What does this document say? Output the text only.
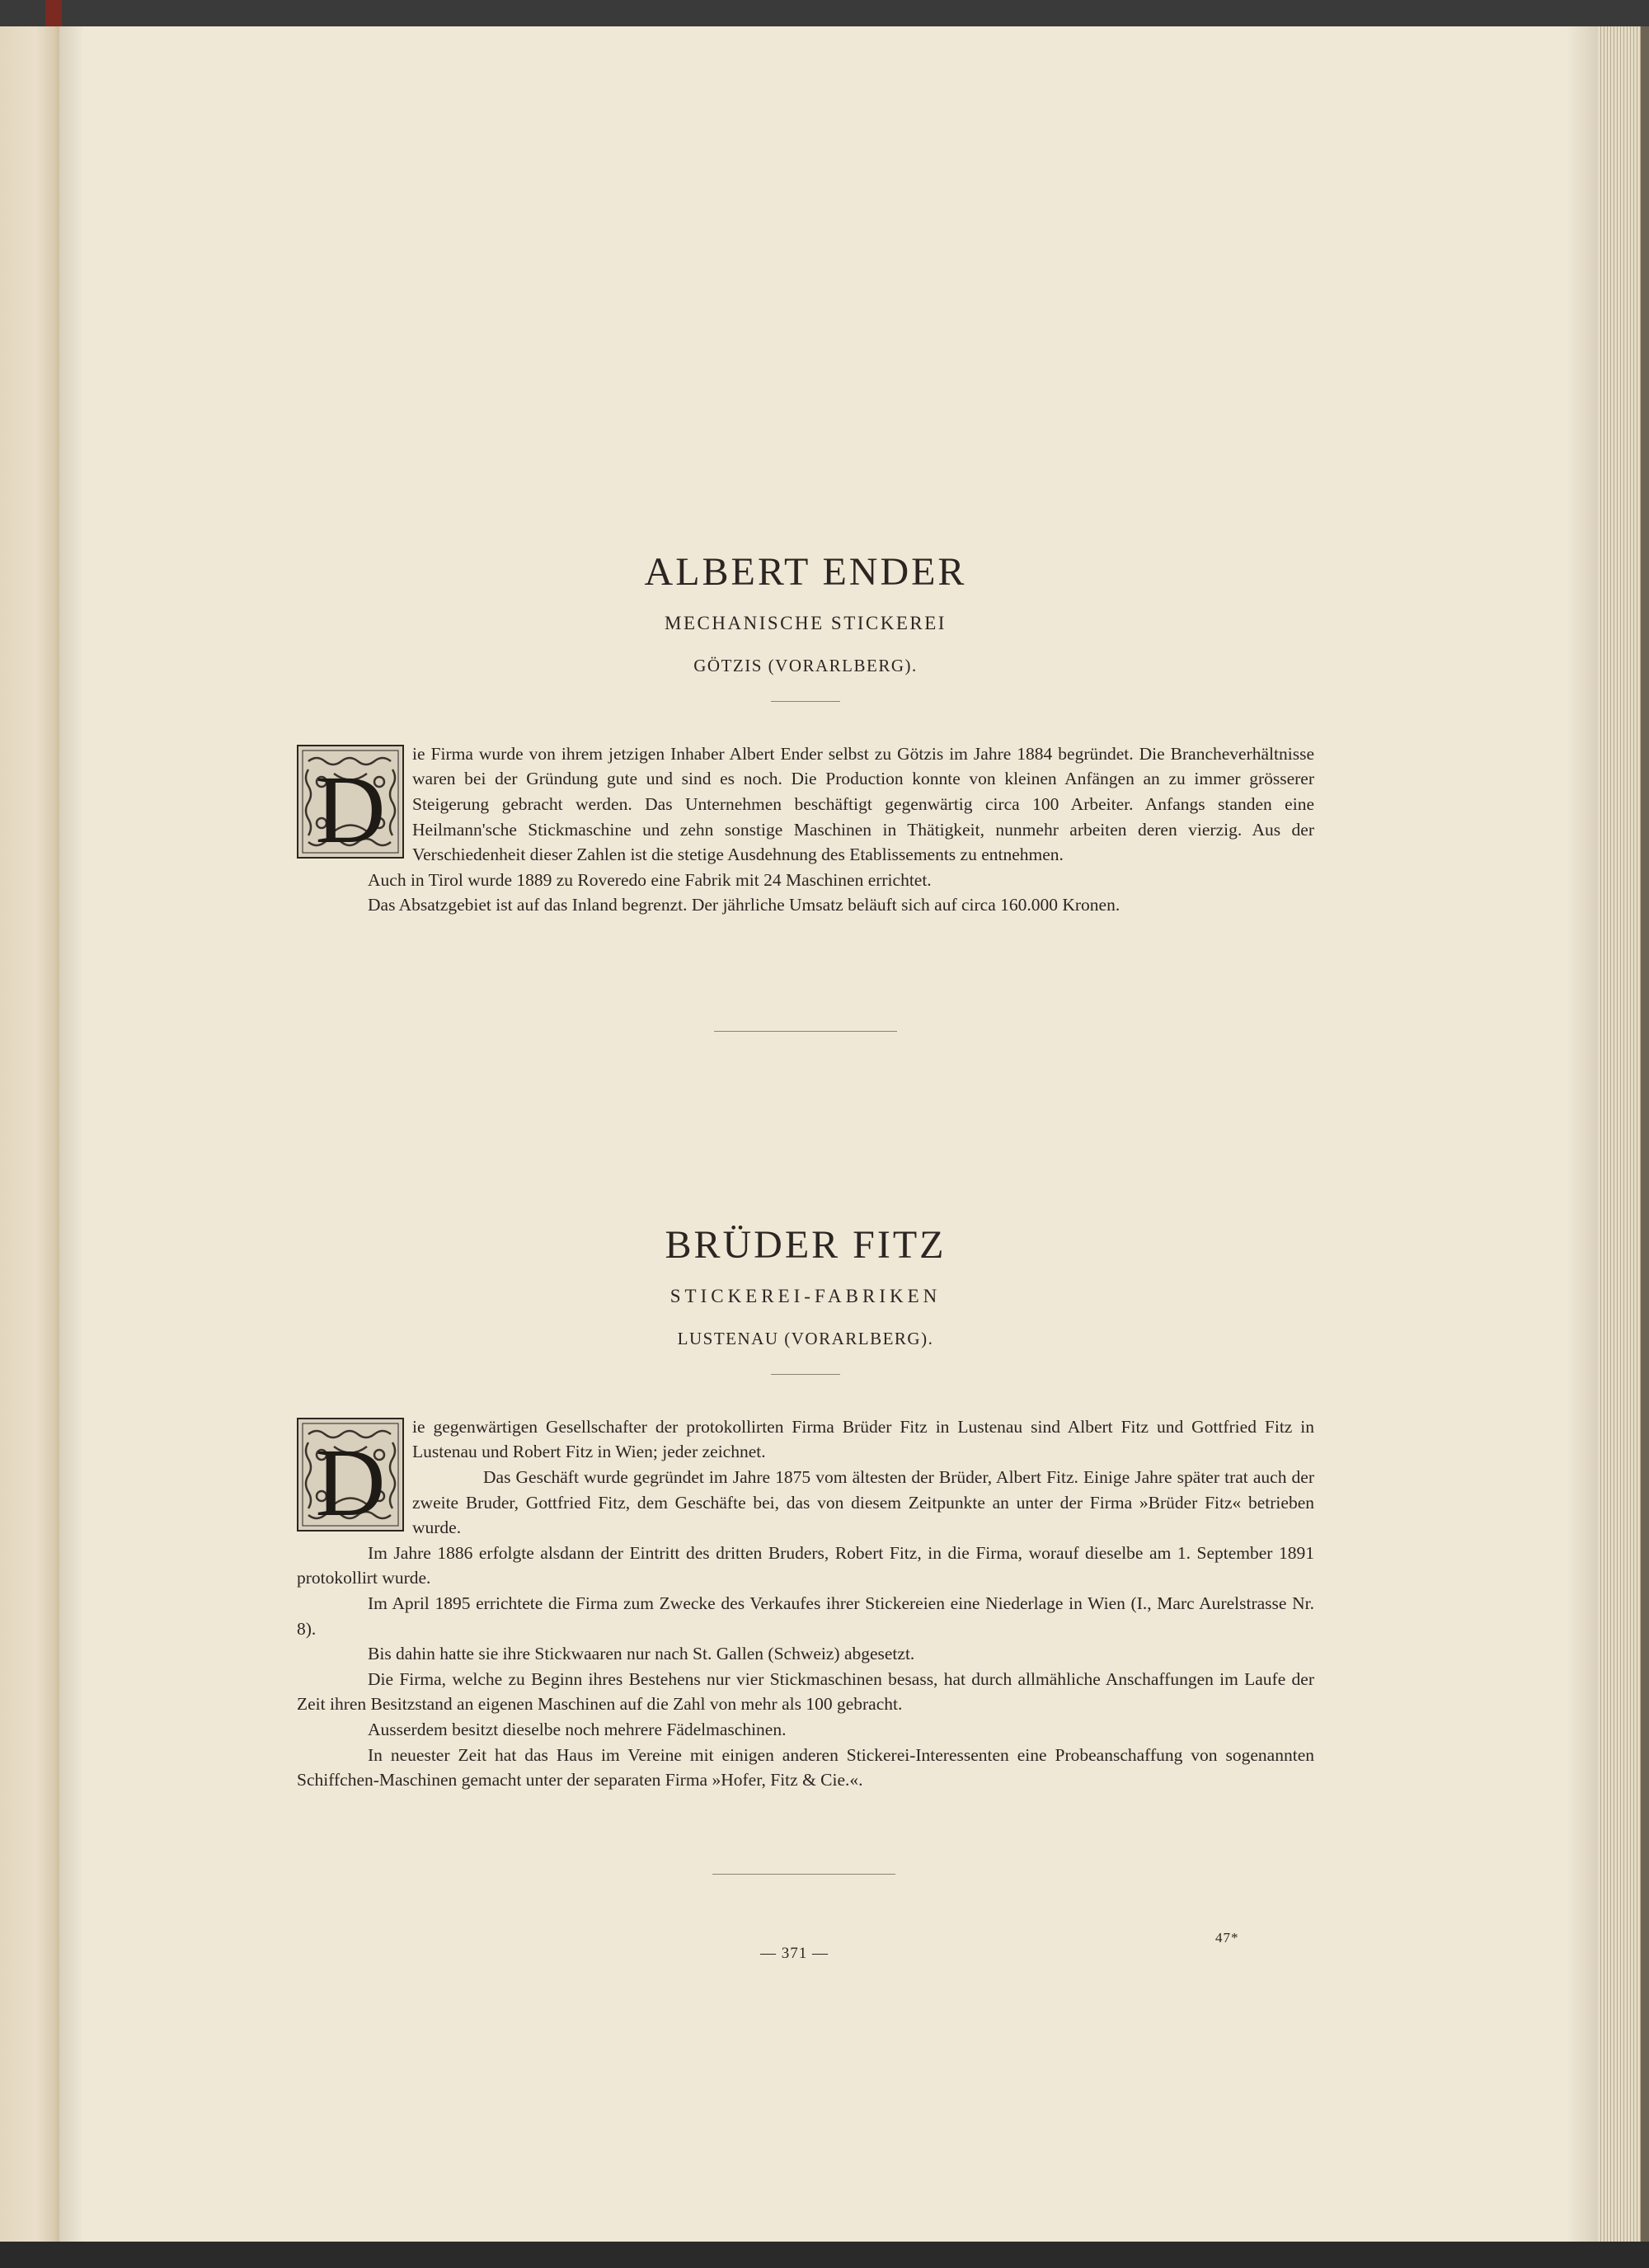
ALBERT ENDER
MECHANISCHE STICKEREI
GÖTZIS (VORARLBERG).
D

ie Firma wurde von ihrem jetzigen Inhaber Albert Ender selbst zu Götzis im Jahre 1884 begründet. Die Brancheverhältnisse waren bei der Gründung gute und sind es noch. Die Production konnte von kleinen Anfängen an zu immer grösserer Steigerung gebracht werden. Das Unternehmen beschäftigt gegenwärtig circa 100 Arbeiter. Anfangs standen eine Heilmann'sche Stickmaschine und zehn sonstige Maschinen in Thätigkeit, nunmehr arbeiten deren vierzig. Aus der Verschiedenheit dieser Zahlen ist die stetige Ausdehnung des Etablissements zu entnehmen.

Auch in Tirol wurde 1889 zu Roveredo eine Fabrik mit 24 Maschinen errichtet.

Das Absatzgebiet ist auf das Inland begrenzt. Der jährliche Umsatz beläuft sich auf circa 160.000 Kronen.

BRÜDER FITZ
STICKEREI-FABRIKEN
LUSTENAU (VORARLBERG).
D

ie gegenwärtigen Gesellschafter der protokollirten Firma Brüder Fitz in Lustenau sind Albert Fitz und Gottfried Fitz in Lustenau und Robert Fitz in Wien; jeder zeichnet.

Das Geschäft wurde gegründet im Jahre 1875 vom ältesten der Brüder, Albert Fitz. Einige Jahre später trat auch der zweite Bruder, Gottfried Fitz, dem Geschäfte bei, das von diesem Zeitpunkte an unter der Firma »Brüder Fitz« betrieben wurde.

Im Jahre 1886 erfolgte alsdann der Eintritt des dritten Bruders, Robert Fitz, in die Firma, worauf dieselbe am 1. September 1891 protokollirt wurde.

Im April 1895 errichtete die Firma zum Zwecke des Verkaufes ihrer Stickereien eine Niederlage in Wien (I., Marc Aurelstrasse Nr. 8).

Bis dahin hatte sie ihre Stickwaaren nur nach St. Gallen (Schweiz) abgesetzt.

Die Firma, welche zu Beginn ihres Bestehens nur vier Stickmaschinen besass, hat durch allmähliche Anschaffungen im Laufe der Zeit ihren Besitzstand an eigenen Maschinen auf die Zahl von mehr als 100 gebracht.

Ausserdem besitzt dieselbe noch mehrere Fädelmaschinen.

In neuester Zeit hat das Haus im Vereine mit einigen anderen Stickerei-Interessenten eine Probeanschaffung von sogenannten Schiffchen-Maschinen gemacht unter der separaten Firma »Hofer, Fitz & Cie.«.

— 371 —
47*
